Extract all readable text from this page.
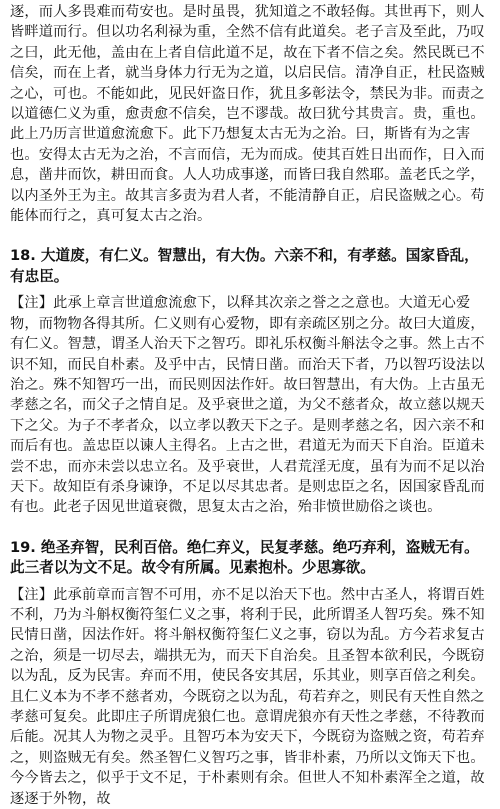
逐，而人多畏难而苟安也。是时虽畏，犹知道之不敢轻侮。其世再下，则人皆畔道而行。但以功名利禄为重，全然不信有此道矣。老子言及至此，乃叹之曰，此无他，盖由在上者自信此道不足，故在下者不信之矣。然民既已不信矣，而在上者，就当身体力行无为之道，以启民信。清净自正，杜民盗贼之心，可也。不能如此，见民奸盗日作，犹且多彰法令，禁民为非。而责之以道德仁义为重，愈责愈不信矣，岂不谬哉。故曰犹兮其贵言。贵，重也。此上乃历言世道愈流愈下。此下乃想复太古无为之治。曰，斯皆有为之害也。安得太古无为之治，不言而信，无为而成。使其百姓日出而作，日入而息，凿井而饮，耕田而食。人人功成事遂，而皆曰我自然耶。盖老氏之学，以内圣外王为主。故其言多责为君人者，不能清静自正，启民盗贼之心。苟能体而行之，真可复太古之治。

18. 大道废，有仁义。智慧出，有大伪。六亲不和，有孝慈。国家昏乱，有忠臣。

【注】此承上章言世道愈流愈下，以释其次亲之誉之之意也。大道无心爱物，而物物各得其所。仁义则有心爱物，即有亲疏区别之分。故曰大道废，有仁义。智慧，谓圣人治天下之智巧。即礼乐权衡斗斛法令之事。然上古不识不知，而民自朴素。及乎中古，民情日凿。而治天下者，乃以智巧设法以治之。殊不知智巧一出，而民则因法作奸。故曰智慧出，有大伪。上古虽无孝慈之名，而父子之情自足。及乎衰世之道，为父不慈者众，故立慈以规天下之父。为子不孝者众，以立孝以教天下之子。是则孝慈之名，因六亲不和而后有也。盖忠臣以谏人主得名。上古之世，君道无为而天下自治。臣道未尝不忠，而亦未尝以忠立名。及乎衰世，人君荒淫无度，虽有为而不足以治天下。故知臣有杀身谏诤，不足以尽其忠者。是则忠臣之名，因国家昏乱而有也。此老子因见世道衰微，思复太古之治，殆非愤世励俗之谈也。

19. 绝圣弃智，民利百倍。绝仁弃义，民复孝慈。绝巧弃利，盗贼无有。此三者以为文不足。故令有所属。见素抱朴。少思寡欲。

【注】此承前章而言智不可用，亦不足以治天下也。然中古圣人，将谓百姓不利，乃为斗斛权衡符玺仁义之事，将利于民，此所谓圣人智巧矣。殊不知民情日凿，因法作奸。将斗斛权衡符玺仁义之事，窃以为乱。方今若求复古之治，须是一切尽去，端拱无为，而天下自治矣。且圣智本欲利民，今既窃以为乱，反为民害。弃而不用，使民各安其居，乐其业，则享百倍之利矣。且仁义本为不孝不慈者劝，今既窃之以为乱，苟若弃之，则民有天性自然之孝慈可复矣。此即庄子所谓虎狼仁也。意谓虎狼亦有天性之孝慈，不待教而后能。况其人为物之灵乎。且智巧本为安天下，今既窃为盗贼之资，苟若弃之，则盗贼无有矣。然圣智仁义智巧之事，皆非朴素，乃所以文饰天下也。今今皆去之，似乎于文不足，于朴素则有余。但世人不知朴素浑全之道，故逐逐于外物，故
